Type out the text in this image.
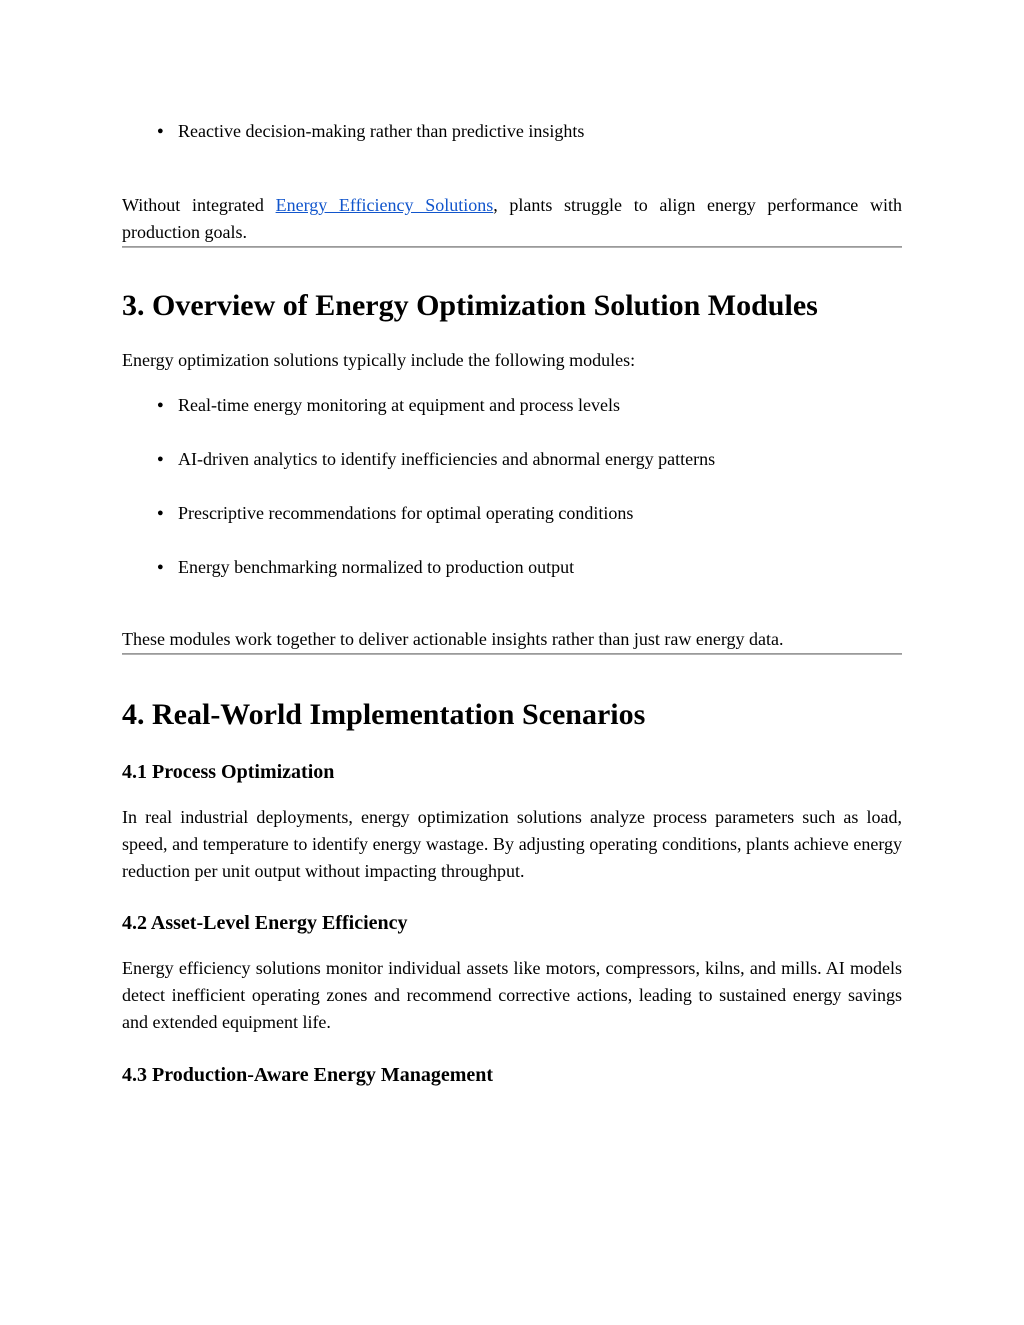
● Reactive decision-making rather than predictive insights

Without integrated Energy Efficiency Solutions, plants struggle to align energy performance with production goals.

3. Overview of Energy Optimization Solution Modules

Energy optimization solutions typically include the following modules:

● Real-time energy monitoring at equipment and process levels
● AI-driven analytics to identify inefficiencies and abnormal energy patterns
● Prescriptive recommendations for optimal operating conditions
● Energy benchmarking normalized to production output

These modules work together to deliver actionable insights rather than just raw energy data.

4. Real-World Implementation Scenarios
4.1 Process Optimization

In real industrial deployments, energy optimization solutions analyze process parameters such as load, speed, and temperature to identify energy wastage. By adjusting operating conditions, plants achieve energy reduction per unit output without impacting throughput.

4.2 Asset-Level Energy Efficiency

Energy efficiency solutions monitor individual assets like motors, compressors, kilns, and mills. AI models detect inefficient operating zones and recommend corrective actions, leading to sustained energy savings and extended equipment life.

4.3 Production-Aware Energy Management
